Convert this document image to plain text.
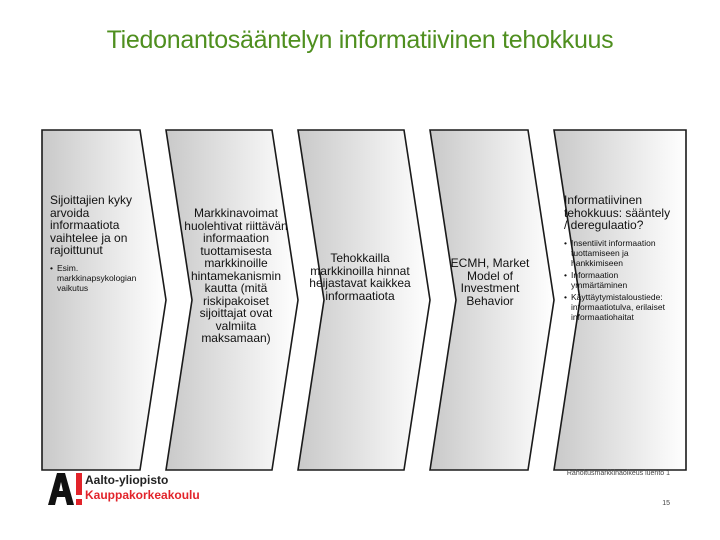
Tiedonantosääntelyn informatiivinen tehokkuus

Sijoittajien kyky arvoida informaatiota vaihtelee ja on rajoittunut

• Esim. markkinapsykologian vaikutus

Markkinavoimat huolehtivat riittävän informaation tuottamisesta markkinoille hintamekanismin kautta (mitä riskipakoiset sijoittajat ovat valmiita maksamaan)

Tehokkailla markkinoilla hinnat heijastavat kaikkea informaatiota

ECMH, Market Model of Investment Behavior

Informatiivinen tehokkuus: sääntely / deregulaatio?

• Insentiivit informaation tuottamiseen ja hankkimiseen
• Informaation ymmärtäminen
• Käyttäytymistaloustiede: informaatiotulva, erilaiset informaatiohaitat
Aalto-yliopisto
Kauppakorkeakoulu
Rahoitusmarkkinaoikeus luento 1
15
